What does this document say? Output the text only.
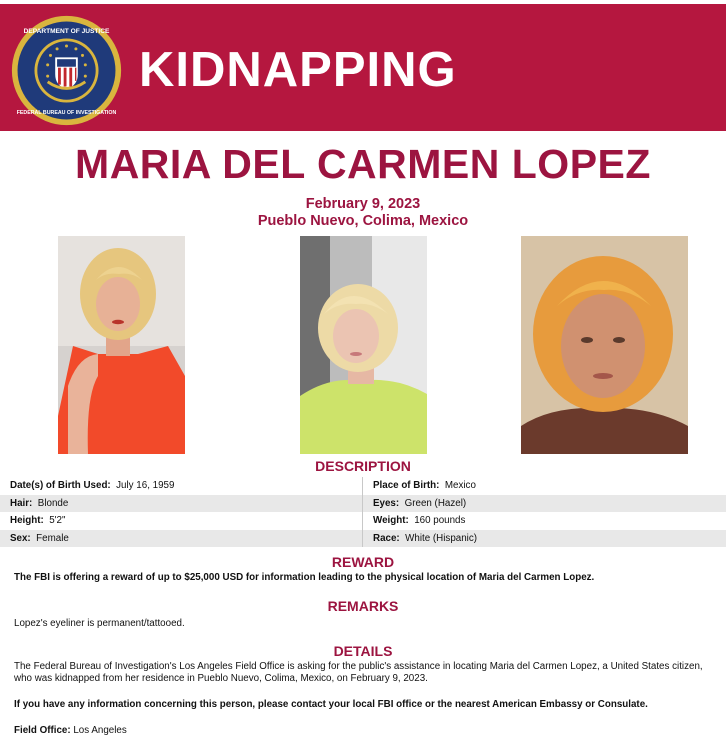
DEPARTMENT OF JUSTICE
FEDERAL BUREAU OF INVESTIGATION
KIDNAPPING
MARIA DEL CARMEN LOPEZ
February 9, 2023
Pueblo Nuevo, Colima, Mexico
DESCRIPTION
Date(s) of Birth Used: July 16, 1959	Place of Birth: Mexico
Hair: Blonde	Eyes: Green (Hazel)
Height: 5'2"	Weight: 160 pounds
Sex: Female	Race: White (Hispanic)
REWARD
The FBI is offering a reward of up to $25,000 USD for information leading to the physical location of Maria del Carmen Lopez.
REMARKS
Lopez's eyeliner is permanent/tattooed.
DETAILS
The Federal Bureau of Investigation's Los Angeles Field Office is asking for the public's assistance in locating Maria del Carmen Lopez, a United States citizen, who was kidnapped from her residence in Pueblo Nuevo, Colima, Mexico, on February 9, 2023.
If you have any information concerning this person, please contact your local FBI office or the nearest American Embassy or Consulate.
Field Office: Los Angeles
